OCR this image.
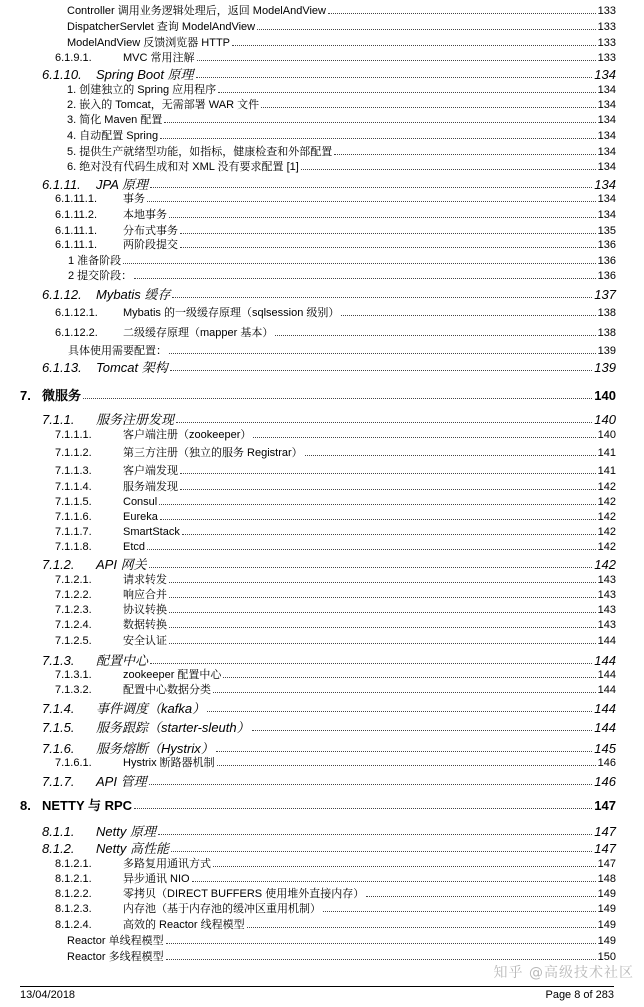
Controller 调用业务逻辑处理后，返回 ModelAndView	133
DispatcherServlet 查询 ModelAndView	133
ModelAndView 反馈浏览器 HTTP	133
6.1.9.1.	MVC 常用注解	133
6.1.10.	Spring Boot 原理	134
1. 创建独立的 Spring 应用程序	134
2. 嵌入的 Tomcat，无需部署 WAR 文件	134
3. 简化 Maven 配置	134
4. 自动配置 Spring	134
5. 提供生产就绪型功能，如指标，健康检查和外部配置	134
6. 绝对没有代码生成和对 XML 没有要求配置 [1]	134
6.1.11.	JPA 原理	134
6.1.11.1.	事务	134
6.1.11.2.	本地事务	134
6.1.11.1.	分布式事务	135
6.1.11.1.	两阶段提交	136
1 准备阶段	136
2 提交阶段：	136
6.1.12.	Mybatis 缓存	137
6.1.12.1.	Mybatis 的一级缓存原理（sqlsession 级别）	138
6.1.12.2.	二级缓存原理（mapper 基本）	138
具体使用需要配置：	139
6.1.13.	Tomcat 架构	139
7. 微服务	140
7.1.1.	服务注册发现	140
7.1.1.1.	客户端注册（zookeeper）	140
7.1.1.2.	第三方注册（独立的服务 Registrar）	141
7.1.1.3.	客户端发现	141
7.1.1.4.	服务端发现	142
7.1.1.5.	Consul	142
7.1.1.6.	Eureka	142
7.1.1.7.	SmartStack	142
7.1.1.8.	Etcd	142
7.1.2.	API 网关	142
7.1.2.1.	请求转发	143
7.1.2.2.	响应合并	143
7.1.2.3.	协议转换	143
7.1.2.4.	数据转换	143
7.1.2.5.	安全认证	144
7.1.3.	配置中心	144
7.1.3.1.	zookeeper 配置中心	144
7.1.3.2.	配置中心数据分类	144
7.1.4.	事件调度（kafka）	144
7.1.5.	服务跟踪（starter-sleuth）	144
7.1.6.	服务熔断（Hystrix）	145
7.1.6.1.	Hystrix 断路器机制	146
7.1.7.	API 管理	146
8. NETTY 与 RPC	147
8.1.1.	Netty 原理	147
8.1.2.	Netty 高性能	147
8.1.2.1.	多路复用通讯方式	147
8.1.2.1.	异步通讯 NIO	148
8.1.2.2.	零拷贝（DIRECT BUFFERS 使用堆外直接内存）	149
8.1.2.3.	内存池（基于内存池的缓冲区重用机制）	149
8.1.2.4.	高效的 Reactor 线程模型	149
Reactor 单线程模型	149
Reactor 多线程模型	150
13/04/2018	Page 8 of 283
知乎 @高级技术社区
